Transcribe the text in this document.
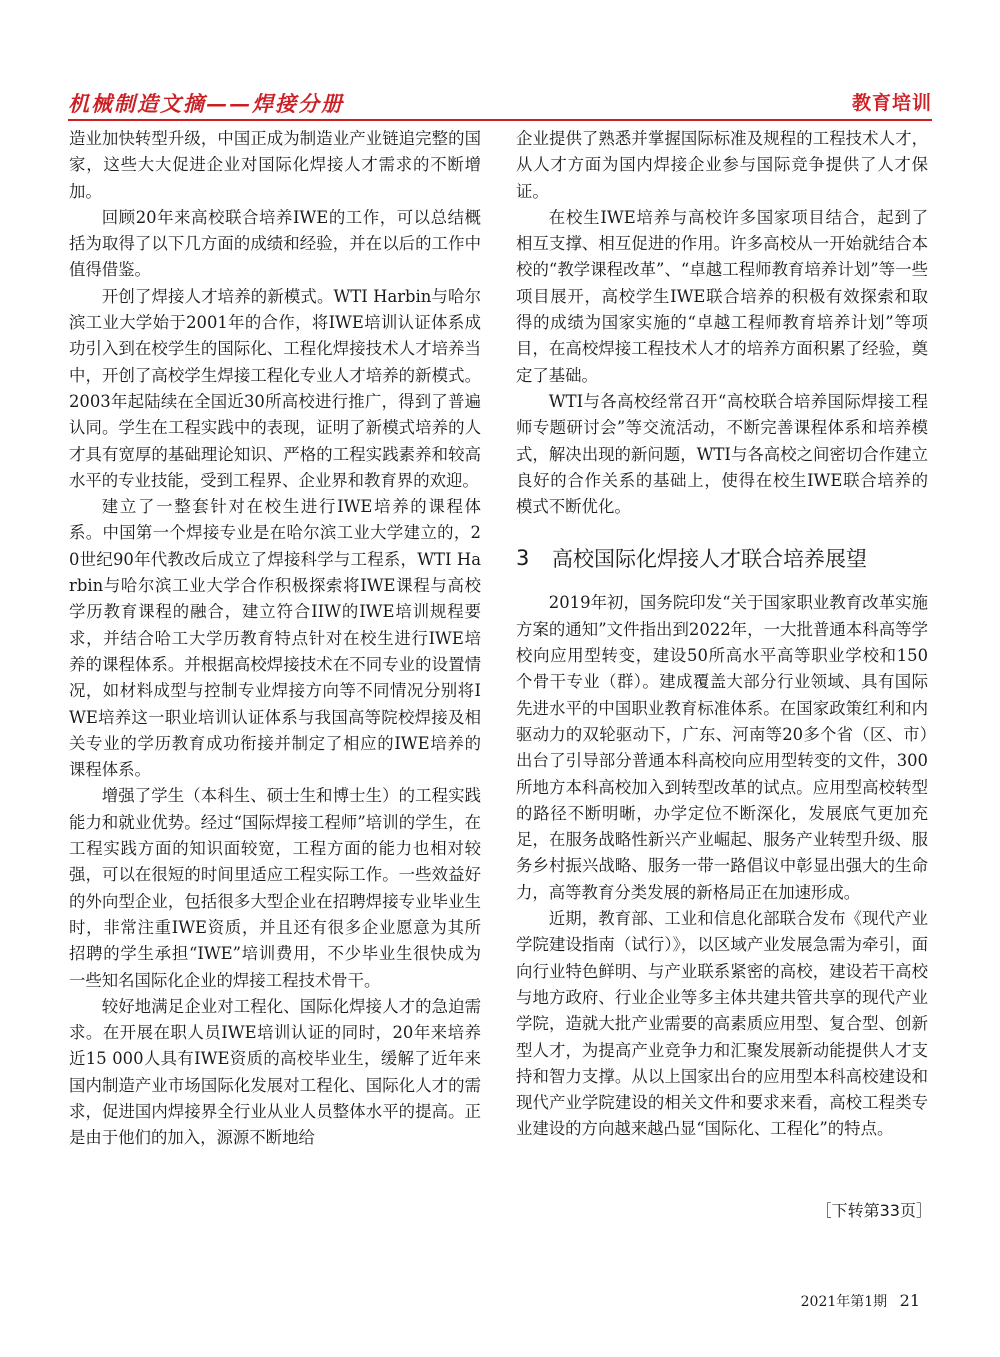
机械制造文摘——焊接分册	教育培训

造业加快转型升级，中国正成为制造业产业链追完整的国家，这些大大促进企业对国际化焊接人才需求的不断增加。

回顾20年来高校联合培养IWE的工作，可以总结概括为取得了以下几方面的成绩和经验，并在以后的工作中值得借鉴。

开创了焊接人才培养的新模式。WTI Harbin与哈尔滨工业大学始于2001年的合作，将IWE培训认证体系成功引入到在校学生的国际化、工程化焊接技术人才培养当中，开创了高校学生焊接工程化专业人才培养的新模式。2003年起陆续在全国近30所高校进行推广，得到了普遍认同。学生在工程实践中的表现，证明了新模式培养的人才具有宽厚的基础理论知识、严格的工程实践素养和较高水平的专业技能，受到工程界、企业界和教育界的欢迎。

建立了一整套针对在校生进行IWE培养的课程体系。中国第一个焊接专业是在哈尔滨工业大学建立的，20世纪90年代教改后成立了焊接科学与工程系，WTI Harbin与哈尔滨工业大学合作积极探索将IWE课程与高校学历教育课程的融合，建立符合IIW的IWE培训规程要求，并结合哈工大学历教育特点针对在校生进行IWE培养的课程体系。并根据高校焊接技术在不同专业的设置情况，如材料成型与控制专业焊接方向等不同情况分别将IWE培养这一职业培训认证体系与我国高等院校焊接及相关专业的学历教育成功衔接并制定了相应的IWE培养的课程体系。

增强了学生（本科生、硕士生和博士生）的工程实践能力和就业优势。经过“国际焊接工程师”培训的学生，在工程实践方面的知识面较宽，工程方面的能力也相对较强，可以在很短的时间里适应工程实际工作。一些效益好的外向型企业，包括很多大型企业在招聘焊接专业毕业生时，非常注重IWE资质，并且还有很多企业愿意为其所招聘的学生承担“IWE”培训费用，不少毕业生很快成为一些知名国际化企业的焊接工程技术骨干。

较好地满足企业对工程化、国际化焊接人才的急迫需求。在开展在职人员IWE培训认证的同时，20年来培养近15 000人具有IWE资质的高校毕业生，缓解了近年来国内制造产业市场国际化发展对工程化、国际化人才的需求，促进国内焊接界全行业从业人员整体水平的提高。正是由于他们的加入，源源不断地给

企业提供了熟悉并掌握国际标准及规程的工程技术人才，从人才方面为国内焊接企业参与国际竞争提供了人才保证。

在校生IWE培养与高校许多国家项目结合，起到了相互支撑、相互促进的作用。许多高校从一开始就结合本校的“教学课程改革”、“卓越工程师教育培养计划”等一些项目展开，高校学生IWE联合培养的积极有效探索和取得的成绩为国家实施的“卓越工程师教育培养计划”等项目，在高校焊接工程技术人才的培养方面积累了经验，奠定了基础。

WTI与各高校经常召开“高校联合培养国际焊接工程师专题研讨会”等交流活动，不断完善课程体系和培养模式，解决出现的新问题，WTI与各高校之间密切合作建立良好的合作关系的基础上，使得在校生IWE联合培养的模式不断优化。

3	高校国际化焊接人才联合培养展望

2019年初，国务院印发“关于国家职业教育改革实施方案的通知”文件指出到2022年，一大批普通本科高等学校向应用型转变，建设50所高水平高等职业学校和150个骨干专业（群）。建成覆盖大部分行业领域、具有国际先进水平的中国职业教育标准体系。在国家政策红利和内驱动力的双轮驱动下，广东、河南等20多个省（区、市）出台了引导部分普通本科高校向应用型转变的文件，300所地方本科高校加入到转型改革的试点。应用型高校转型的路径不断明晰，办学定位不断深化，发展底气更加充足，在服务战略性新兴产业崛起、服务产业转型升级、服务乡村振兴战略、服务一带一路倡议中彰显出强大的生命力，高等教育分类发展的新格局正在加速形成。

近期，教育部、工业和信息化部联合发布《现代产业学院建设指南（试行）》，以区域产业发展急需为牵引，面向行业特色鲜明、与产业联系紧密的高校，建设若干高校与地方政府、行业企业等多主体共建共管共享的现代产业学院，造就大批产业需要的高素质应用型、复合型、创新型人才，为提高产业竞争力和汇聚发展新动能提供人才支持和智力支撑。从以上国家出台的应用型本科高校建设和现代产业学院建设的相关文件和要求来看，高校工程类专业建设的方向越来越凸显“国际化、工程化”的特点。

［下转第33页］
2021年第1期 21
